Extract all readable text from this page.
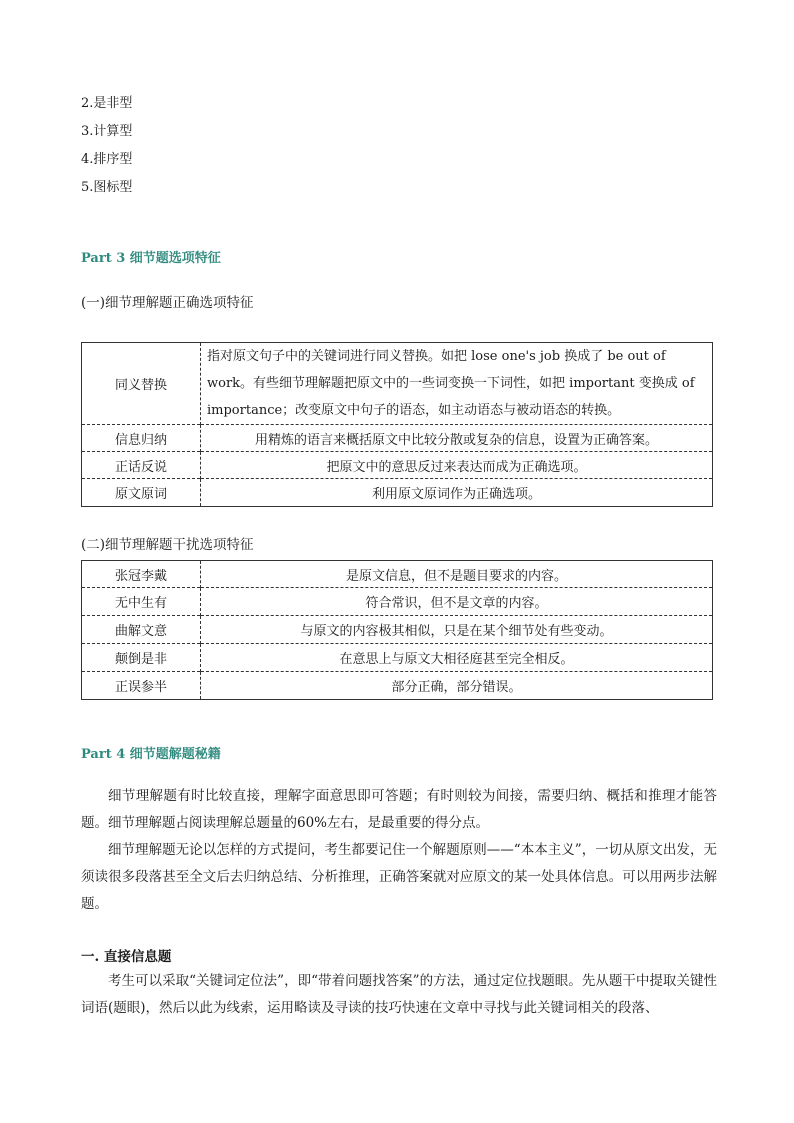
2.是非型
3.计算型
4.排序型
5.图标型
Part 3 细节题选项特征
(一)细节理解题正确选项特征
同义替换	指对原文句子中的关键词进行同义替换。如把 lose one's job 换成了 be out of work。有些细节理解题把原文中的一些词变换一下词性，如把 important 变换成 of importance；改变原文中句子的语态，如主动语态与被动语态的转换。
信息归纳	用精炼的语言来概括原文中比较分散或复杂的信息，设置为正确答案。
正话反说	把原文中的意思反过来表达而成为正确选项。
原文原词	利用原文原词作为正确选项。
(二)细节理解题干扰选项特征
张冠李戴	是原文信息，但不是题目要求的内容。
无中生有	符合常识，但不是文章的内容。
曲解文意	与原文的内容极其相似，只是在某个细节处有些变动。
颠倒是非	在意思上与原文大相径庭甚至完全相反。
正误参半	部分正确，部分错误。
Part 4 细节题解题秘籍
细节理解题有时比较直接，理解字面意思即可答题；有时则较为间接，需要归纳、概括和推理才能答题。细节理解题占阅读理解总题量的60%左右，是最重要的得分点。
细节理解题无论以怎样的方式提问，考生都要记住一个解题原则——“本本主义”，一切从原文出发，无须读很多段落甚至全文后去归纳总结、分析推理，正确答案就对应原文的某一处具体信息。可以用两步法解题。
一. 直接信息题
考生可以采取“关键词定位法”，即“带着问题找答案”的方法，通过定位找题眼。先从题干中提取关键性词语(题眼)，然后以此为线索，运用略读及寻读的技巧快速在文章中寻找与此关键词相关的段落、
